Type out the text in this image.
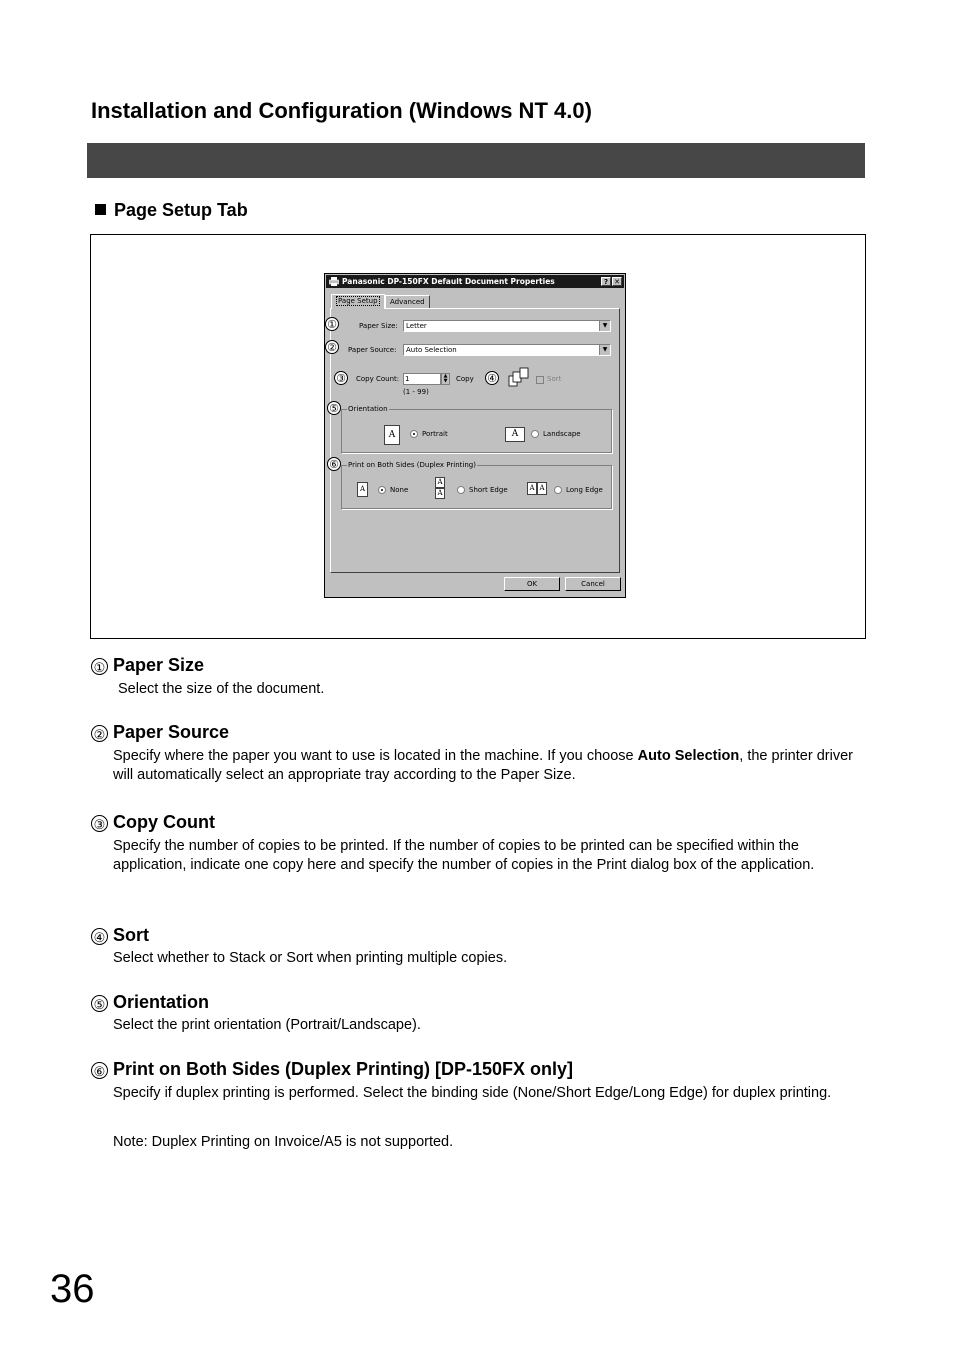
Installation and Configuration (Windows NT 4.0)
Page Setup Tab
Panasonic DP-150FX Default Document Properties	? ✕
Page Setup	Advanced
①
②
③	④
⑤
⑥
Paper Size:	Letter	▼
Paper Source:	Auto Selection	▼
Copy Count: 1	▲
▼	Copy
(1 - 99)
Sort
Orientation
A	Portrait	A	Landscape
Print on Both Sides (Duplex Printing)
A	None
A
A	Short Edge	A A	Long Edge
OK	Cancel
① Paper Size
Select the size of the document.
② Paper Source
Specify where the paper you want to use is located in the machine. If you choose Auto Selection, the printer driver will automatically select an appropriate tray according to the Paper Size.
③ Copy Count
Specify the number of copies to be printed. If the number of copies to be printed can be specified within the application, indicate one copy here and specify the number of copies in the Print dialog box of the application.
④ Sort
Select whether to Stack or Sort when printing multiple copies.
⑤ Orientation
Select the print orientation (Portrait/Landscape).
⑥ Print on Both Sides (Duplex Printing) [DP-150FX only]
Specify if duplex printing is performed. Select the binding side (None/Short Edge/Long Edge) for duplex printing.
Note: Duplex Printing on Invoice/A5 is not supported.
36
